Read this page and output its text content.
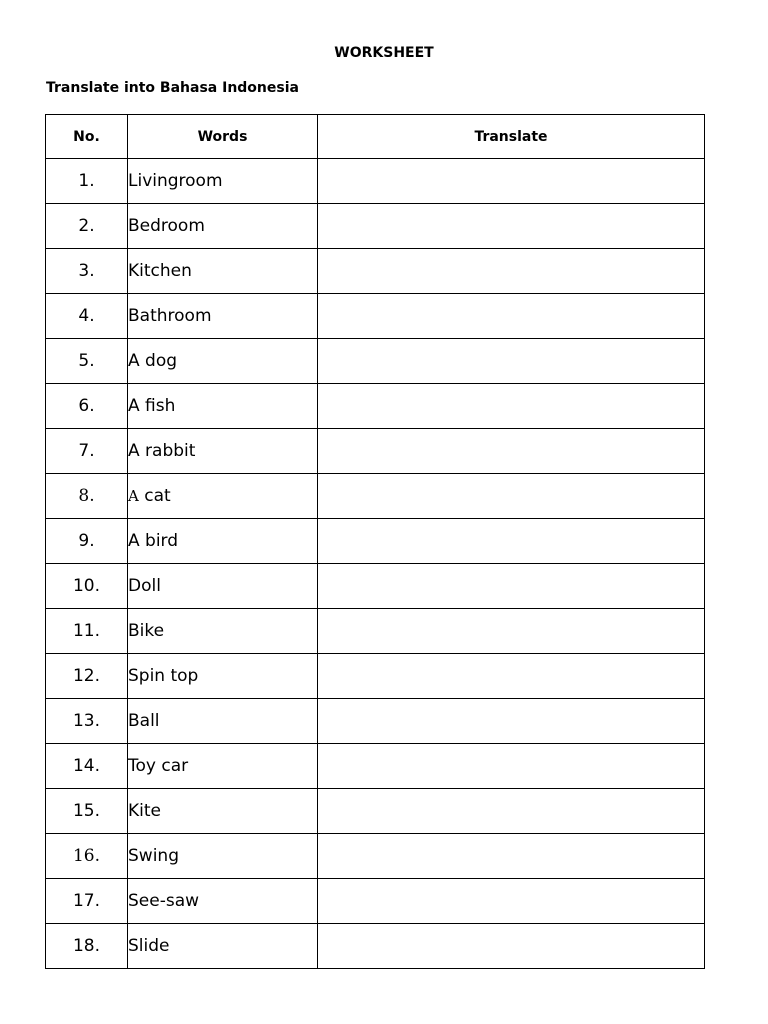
WORKSHEET
Translate into Bahasa Indonesia
No.	Words	Translate
1.	Livingroom	
2.	Bedroom	
3.	Kitchen	
4.	Bathroom	
5.	A dog	
6.	A fish	
7.	A rabbit	
8.	A cat	
9.	A bird	
10.	Doll	
11.	Bike	
12.	Spin top	
13.	Ball	
14.	Toy car	
15.	Kite	
16.	Swing	
17.	See-saw	
18.	Slide	
